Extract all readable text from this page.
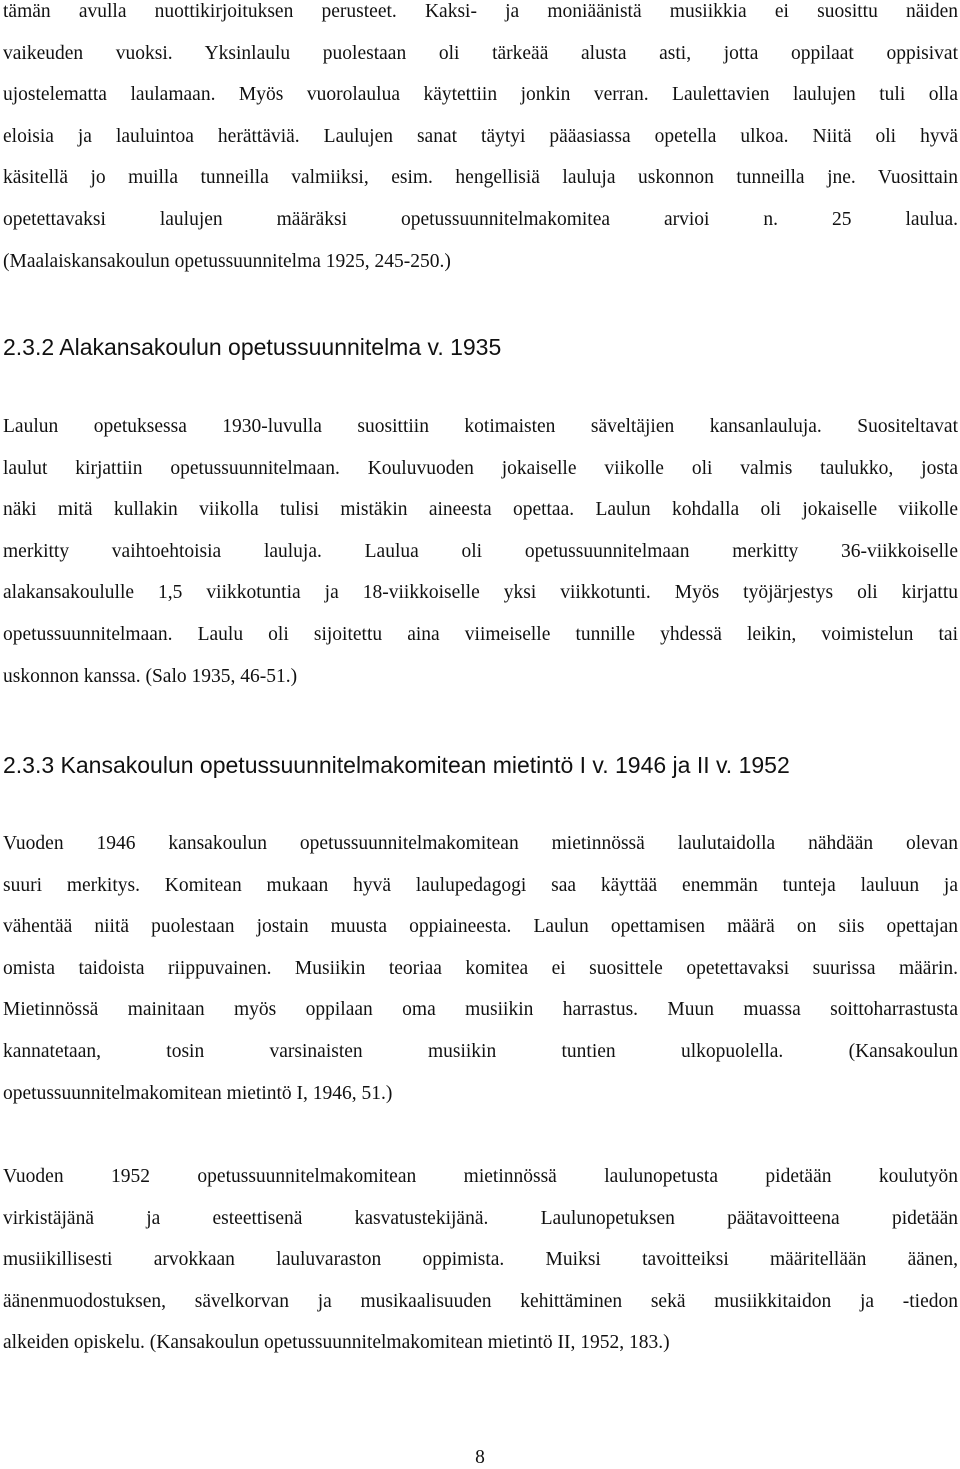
tämän avulla nuottikirjoituksen perusteet. Kaksi- ja moniäänistä musiikkia ei suosittu näiden
vaikeuden vuoksi. Yksinlaulu puolestaan oli tärkeää alusta asti, jotta oppilaat oppisivat
ujostelematta laulamaan. Myös vuorolaulua käytettiin jonkin verran. Laulettavien laulujen tuli olla
eloisia ja lauluintoa herättäviä. Laulujen sanat täytyi pääasiassa opetella ulkoa. Niitä oli hyvä
käsitellä jo muilla tunneilla valmiiksi, esim. hengellisiä lauluja uskonnon tunneilla jne. Vuosittain
opetettavaksi laulujen määräksi opetussuunnitelmakomitea arvioi n. 25 laulua.
(Maalaiskansakoulun opetussuunnitelma 1925, 245-250.)
2.3.2 Alakansakoulun opetussuunnitelma v. 1935
Laulun opetuksessa 1930-luvulla suosittiin kotimaisten säveltäjien kansanlauluja. Suositeltavat
laulut kirjattiin opetussuunnitelmaan. Kouluvuoden jokaiselle viikolle oli valmis taulukko, josta
näki mitä kullakin viikolla tulisi mistäkin aineesta opettaa. Laulun kohdalla oli jokaiselle viikolle
merkitty vaihtoehtoisia lauluja. Laulua oli opetussuunnitelmaan merkitty 36-viikkoiselle
alakansakoululle 1,5 viikkotuntia ja 18-viikkoiselle yksi viikkotunti. Myös työjärjestys oli kirjattu
opetussuunnitelmaan. Laulu oli sijoitettu aina viimeiselle tunnille yhdessä leikin, voimistelun tai
uskonnon kanssa. (Salo 1935, 46-51.)
2.3.3 Kansakoulun opetussuunnitelmakomitean mietintö I v. 1946 ja II v. 1952
Vuoden 1946 kansakoulun opetussuunnitelmakomitean mietinnössä laulutaidolla nähdään olevan
suuri merkitys. Komitean mukaan hyvä laulupedagogi saa käyttää enemmän tunteja lauluun ja
vähentää niitä puolestaan jostain muusta oppiaineesta. Laulun opettamisen määrä on siis opettajan
omista taidoista riippuvainen. Musiikin teoriaa komitea ei suosittele opetettavaksi suurissa määrin.
Mietinnössä mainitaan myös oppilaan oma musiikin harrastus. Muun muassa soittoharrastusta
kannatetaan, tosin varsinaisten musiikin tuntien ulkopuolella. (Kansakoulun
opetussuunnitelmakomitean mietintö I, 1946, 51.)
Vuoden 1952 opetussuunnitelmakomitean mietinnössä laulunopetusta pidetään koulutyön
virkistäjänä ja esteettisenä kasvatustekijänä. Laulunopetuksen päätavoitteena pidetään
musiikillisesti arvokkaan lauluvaraston oppimista. Muiksi tavoitteiksi määritellään äänen,
äänenmuodostuksen, sävelkorvan ja musikaalisuuden kehittäminen sekä musiikkitaidon ja -tiedon
alkeiden opiskelu. (Kansakoulun opetussuunnitelmakomitean mietintö II, 1952, 183.)
8
